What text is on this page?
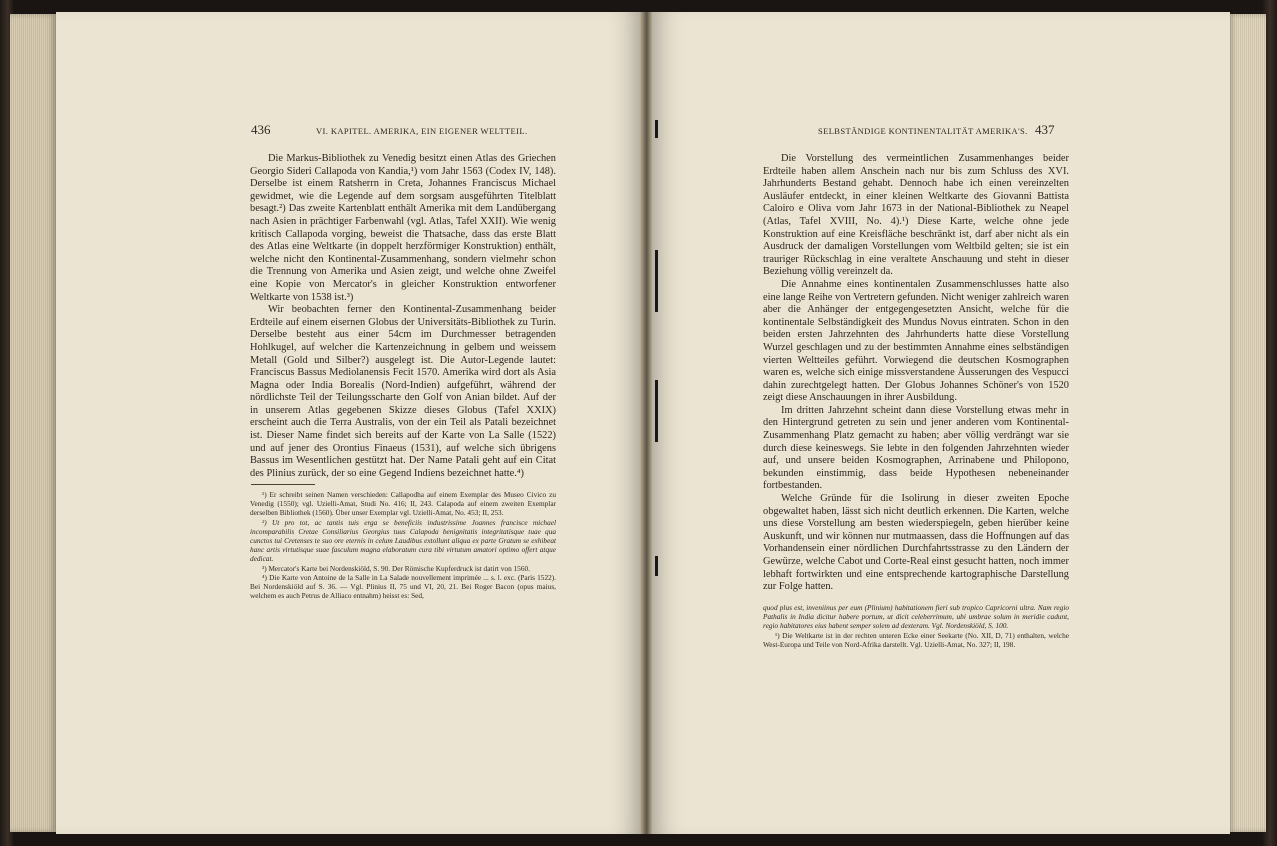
436	VI. KAPITEL. AMERIKA, EIN EIGENER WELTTEIL.

Die Markus-Bibliothek zu Venedig besitzt einen Atlas des Griechen Georgio Sideri Callapoda von Kandia,¹) vom Jahr 1563 (Codex IV, 148). Derselbe ist einem Ratsherrn in Creta, Johannes Franciscus Michael gewidmet, wie die Legende auf dem sorgsam ausgeführten Titelblatt besagt.²) Das zweite Kartenblatt enthält Amerika mit dem Landübergang nach Asien in prächtiger Farbenwahl (vgl. Atlas, Tafel XXII). Wie wenig kritisch Callapoda vorging, beweist die Thatsache, dass das erste Blatt des Atlas eine Weltkarte (in doppelt herzförmiger Konstruktion) enthält, welche nicht den Kontinental-Zusammenhang, sondern vielmehr schon die Trennung von Amerika und Asien zeigt, und welche ohne Zweifel eine Kopie von Mercator's in gleicher Konstruktion entworfener Weltkarte von 1538 ist.³)

Wir beobachten ferner den Kontinental-Zusammenhang beider Erdteile auf einem eisernen Globus der Universitäts-Bibliothek zu Turin. Derselbe besteht aus einer 54cm im Durchmesser betragenden Hohlkugel, auf welcher die Kartenzeichnung in gelbem und weissem Metall (Gold und Silber?) ausgelegt ist. Die Autor-Legende lautet: Franciscus Bassus Mediolanensis Fecit 1570. Amerika wird dort als Asia Magna oder India Borealis (Nord-Indien) aufgeführt, während der nördlichste Teil der Teilungsscharte den Golf von Anian bildet. Auf der in unserem Atlas gegebenen Skizze dieses Globus (Tafel XXIX) erscheint auch die Terra Australis, von der ein Teil als Patali bezeichnet ist. Dieser Name findet sich bereits auf der Karte von La Salle (1522) und auf jener des Orontius Finaeus (1531), auf welche sich übrigens Bassus im Wesentlichen gestützt hat. Der Name Patali geht auf ein Citat des Plinius zurück, der so eine Gegend Indiens bezeichnet hatte.⁴)

¹) Er schreibt seinen Namen verschieden: Callapodha auf einem Exemplar des Museo Civico zu Venedig (1550); vgl. Uzielli-Amat, Studi No. 416; II, 243. Calapoda auf einem zweiten Exemplar derselben Bibliothek (1560). Über unser Exemplar vgl. Uzielli-Amat, No. 453; II, 253.

²) Ut pro tot, ac tantis tuis erga se beneficiis industrissime Joannes francisce michael incomparabilis Cretae Consiliarius Georgius tuus Calapoda benignitatis integritatisque tuae qua cunctos tui Cretenses te suo ore eternis in celum Laudibus extollunt aliqua ex parte Gratum se exhibeat hanc artis virtutisque suae fasculum magna elaboratum cura tibi virtutum amatori optimo offert atque dedicat.

³) Mercator's Karte bei Nordenskiöld, S. 90. Der Römische Kupferdruck ist datirt von 1560.

⁴) Die Karte von Antoine de la Salle in La Salade nouvellement imprimée ... s. l. exc. (Paris 1522). Bei Nordenskiöld auf S. 36. — Vgl. Plinius II, 75 und VI, 20, 21. Bei Roger Bacon (opus maius, welchem es auch Petrus de Alliaco entnahm) heisst es: Sed,

SELBSTÄNDIGE KONTINENTALITÄT AMERIKA'S. 437

Die Vorstellung des vermeintlichen Zusammenhanges beider Erdteile haben allem Anschein nach nur bis zum Schluss des XVI. Jahrhunderts Bestand gehabt. Dennoch habe ich einen vereinzelten Ausläufer entdeckt, in einer kleinen Weltkarte des Giovanni Battista Caloiro e Oliva vom Jahr 1673 in der National-Bibliothek zu Neapel (Atlas, Tafel XVIII, No. 4).¹) Diese Karte, welche ohne jede Konstruktion auf eine Kreisfläche beschränkt ist, darf aber nicht als ein Ausdruck der damaligen Vorstellungen vom Weltbild gelten; sie ist ein trauriger Rückschlag in eine veraltete Anschauung und steht in dieser Beziehung völlig vereinzelt da.

Die Annahme eines kontinentalen Zusammenschlusses hatte also eine lange Reihe von Vertretern gefunden. Nicht weniger zahlreich waren aber die Anhänger der entgegengesetzten Ansicht, welche für die kontinentale Selbständigkeit des Mundus Novus eintraten. Schon in den beiden ersten Jahrzehnten des Jahrhunderts hatte diese Vorstellung Wurzel geschlagen und zu der bestimmten Annahme eines selbständigen vierten Weltteiles geführt. Vorwiegend die deutschen Kosmographen waren es, welche sich einige missverstandene Äusserungen des Vespucci dahin zurechtgelegt hatten. Der Globus Johannes Schöner's von 1520 zeigt diese Anschauungen in ihrer Ausbildung.

Im dritten Jahrzehnt scheint dann diese Vorstellung etwas mehr in den Hintergrund getreten zu sein und jener anderen vom Kontinental-Zusammenhang Platz gemacht zu haben; aber völlig verdrängt war sie durch diese keineswegs. Sie lebte in den folgenden Jahrzehnten wieder auf, und unsere beiden Kosmographen, Arrinabene und Philopono, bekunden einstimmig, dass beide Hypothesen nebeneinander fortbestanden.

Welche Gründe für die Isolirung in dieser zweiten Epoche obgewaltet haben, lässt sich nicht deutlich erkennen. Die Karten, welche uns diese Vorstellung am besten wiederspiegeln, geben hierüber keine Auskunft, und wir können nur mutmaassen, dass die Hoffnungen auf das Vorhandensein einer nördlichen Durchfahrtsstrasse zu den Ländern der Gewürze, welche Cabot und Corte-Real einst gesucht hatten, noch immer lebhaft fortwirkten und eine entsprechende kartographische Darstellung zur Folge hatten.

quod plus est, inveniinus per eum (Plinium) habitationem fieri sub tropico Capricorni ultra. Nam regio Pathalis in India dicitur habere portum, ut dicit celeberrimum, ubi umbrae solum in meridie cadunt, regio habitatores eius habent semper solem ad dexteram. Vgl. Nordenskiöld, S. 100.

¹) Die Weltkarte ist in der rechten unteren Ecke einer Seekarte (No. XII, D, 71) enthalten, welche West-Europa und Teile von Nord-Afrika darstellt. Vgl. Uzielli-Amat, No. 327; II, 198.
